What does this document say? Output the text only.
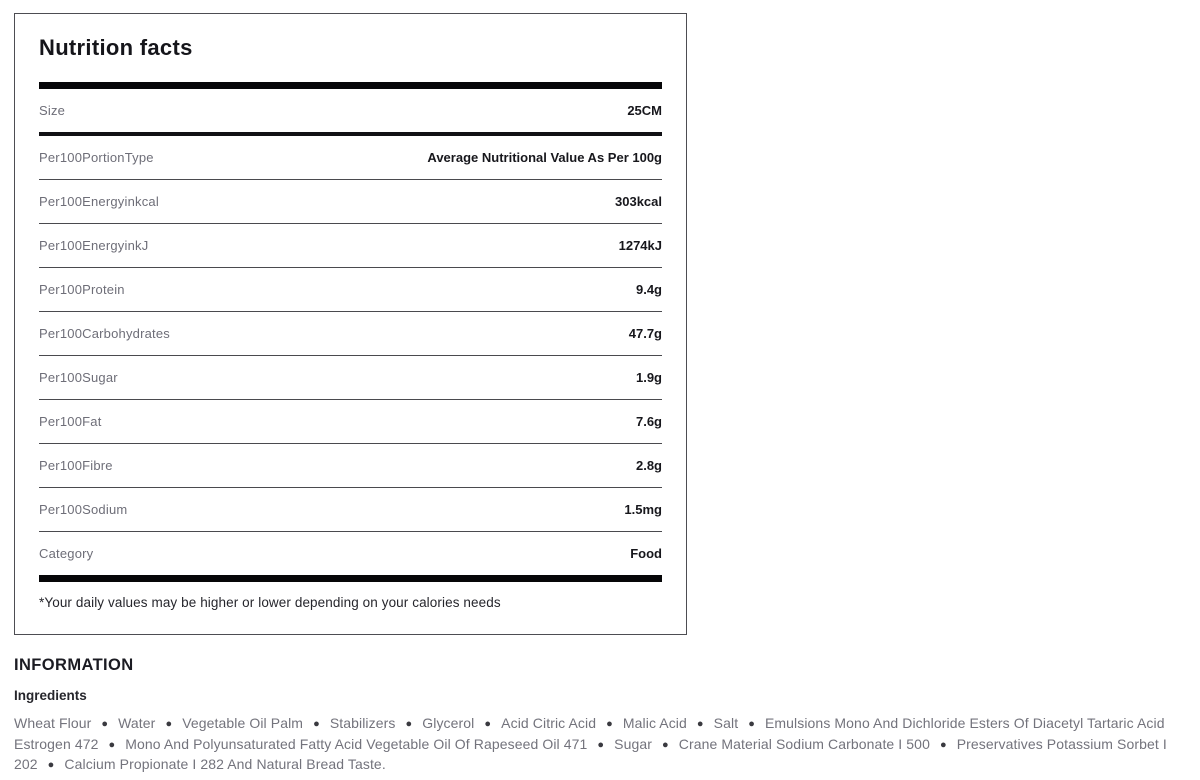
Nutrition facts
Size	25CM
Per100PortionType	Average Nutritional Value As Per 100g
Per100Energyinkcal	303kcal
Per100EnergyinkJ	1274kJ
Per100Protein	9.4g
Per100Carbohydrates	47.7g
Per100Sugar	1.9g
Per100Fat	7.6g
Per100Fibre	2.8g
Per100Sodium	1.5mg
Category	Food

*Your daily values may be higher or lower depending on your calories needs

INFORMATION
Ingredients

Wheat Flour ● Water ● Vegetable Oil Palm ● Stabilizers ● Glycerol ● Acid Citric Acid ● Malic Acid ● Salt ● Emulsions Mono And Dichloride Esters Of Diacetyl Tartaric Acid Estrogen 472 ● Mono And Polyunsaturated Fatty Acid Vegetable Oil Of Rapeseed Oil 471 ● Sugar ● Crane Material Sodium Carbonate I 500 ● Preservatives Potassium Sorbet I 202 ● Calcium Propionate I 282 And Natural Bread Taste.
